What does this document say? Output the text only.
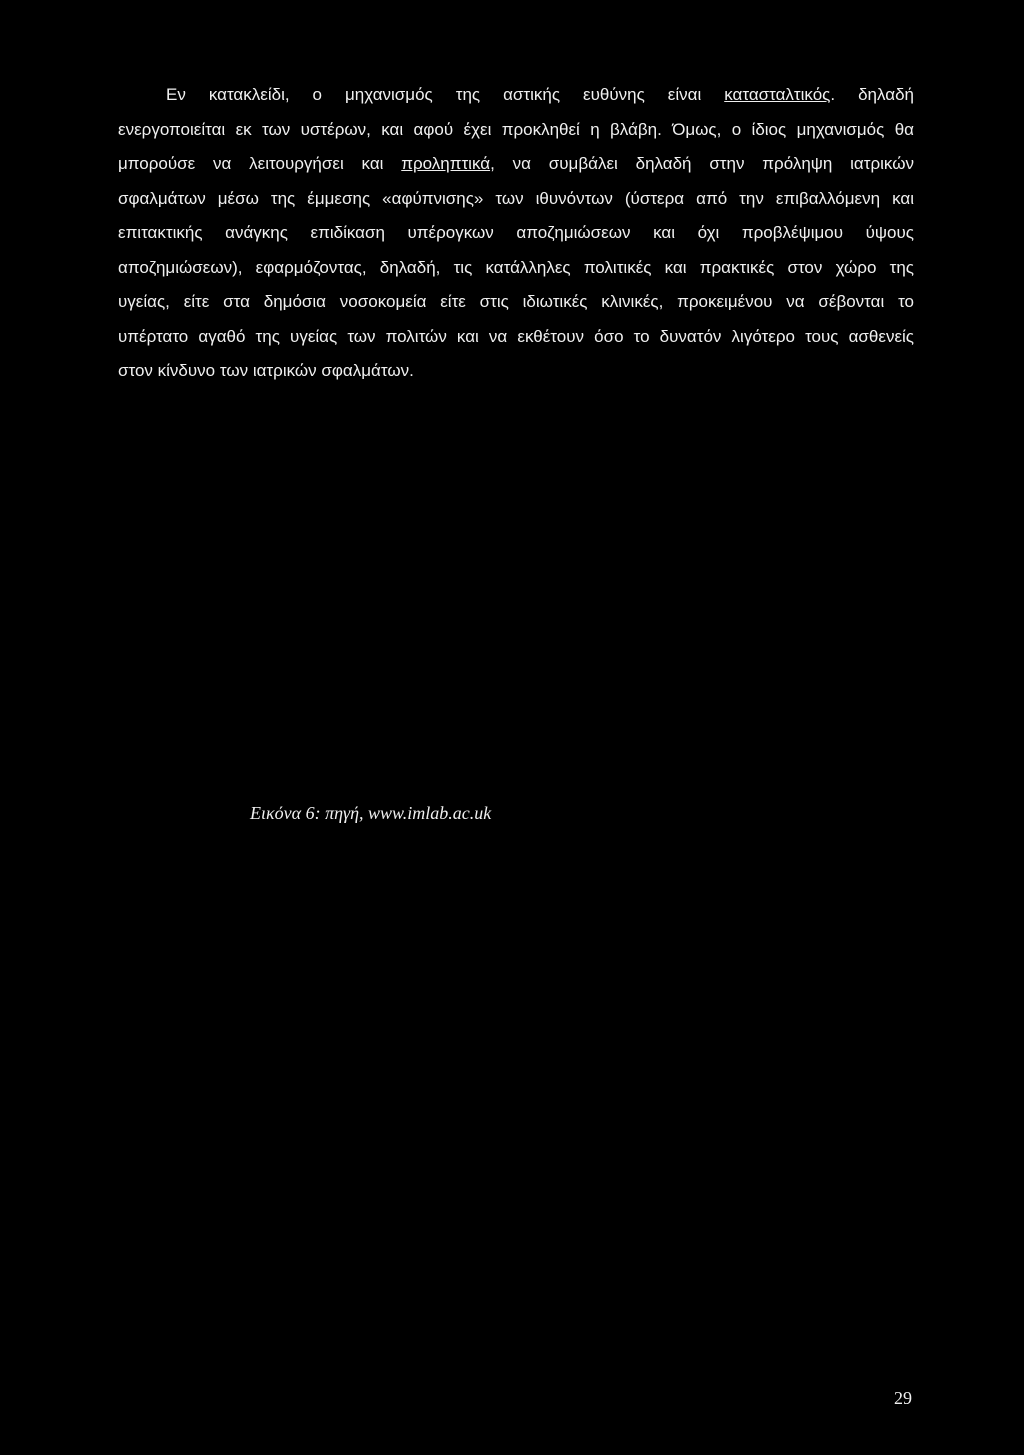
Εν κατακλείδι, ο μηχανισμός της αστικής ευθύνης είναι κατασταλτικός. δηλαδή
ενεργοποιείται εκ των υστέρων, και αφού έχει προκληθεί η βλάβη. Όμως, ο ίδιος μηχανισμός θα
μπορούσε να λειτουργήσει και προληπτικά, να συμβάλει δηλαδή στην πρόληψη ιατρικών
σφαλμάτων μέσω της έμμεσης «αφύπνισης» των ιθυνόντων (ύστερα από την επιβαλλόμενη και
επιτακτικής ανάγκης επιδίκαση υπέρογκων αποζημιώσεων και όχι προβλέψιμου ύψους
αποζημιώσεων), εφαρμόζοντας, δηλαδή, τις κατάλληλες πολιτικές και πρακτικές στον χώρο της
υγείας, είτε στα δημόσια νοσοκομεία είτε στις ιδιωτικές κλινικές, προκειμένου να σέβονται το
υπέρτατο αγαθό της υγείας των πολιτών και να εκθέτουν όσο το δυνατόν λιγότερο τους ασθενείς
στον κίνδυνο των ιατρικών σφαλμάτων.

Εικόνα 6: πηγή, www.imlab.ac.uk

29
